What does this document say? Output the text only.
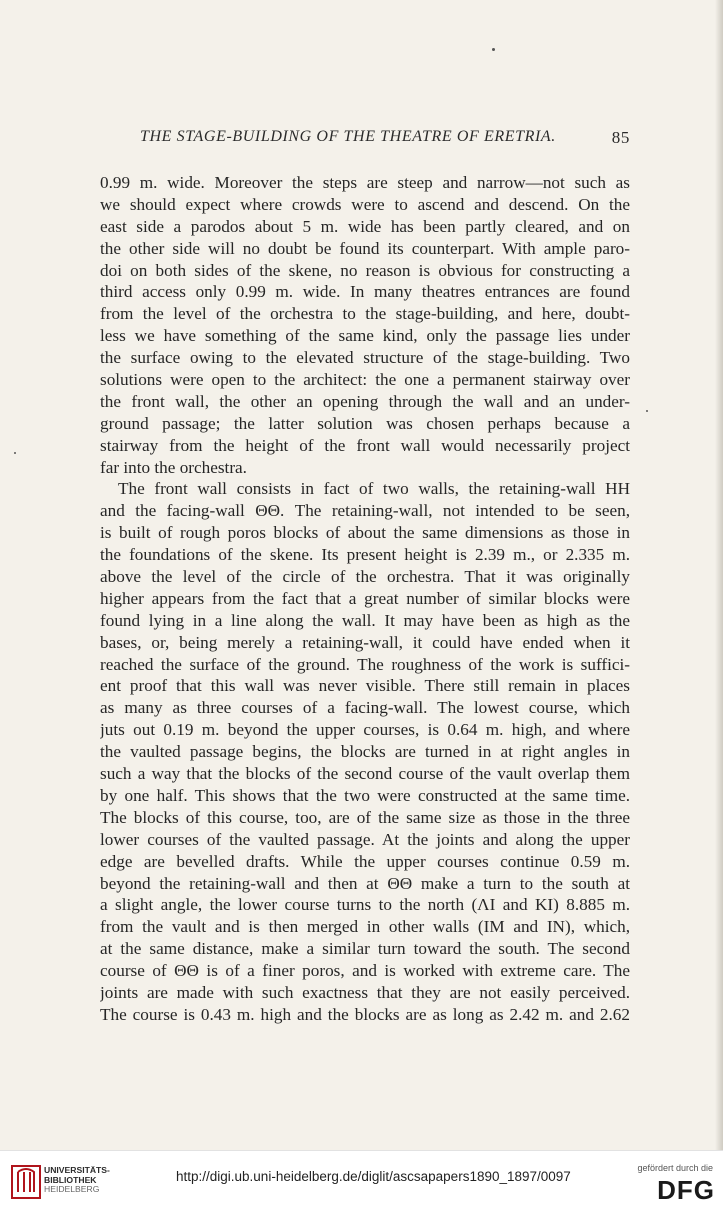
THE STAGE-BUILDING OF THE THEATRE OF ERETRIA.	85
0.99 m. wide. Moreover the steps are steep and narrow—not such as
we should expect where crowds were to ascend and descend. On the
east side a parodos about 5 m. wide has been partly cleared, and on
the other side will no doubt be found its counterpart. With ample paro-
doi on both sides of the skene, no reason is obvious for constructing a
third access only 0.99 m. wide. In many theatres entrances are found
from the level of the orchestra to the stage-building, and here, doubt-
less we have something of the same kind, only the passage lies under
the surface owing to the elevated structure of the stage-building. Two
solutions were open to the architect: the one a permanent stairway over
the front wall, the other an opening through the wall and an under-
ground passage; the latter solution was chosen perhaps because a
stairway from the height of the front wall would necessarily project
far into the orchestra.
The front wall consists in fact of two walls, the retaining-wall HH
and the facing-wall ΘΘ. The retaining-wall, not intended to be seen,
is built of rough poros blocks of about the same dimensions as those in
the foundations of the skene. Its present height is 2.39 m., or 2.335 m.
above the level of the circle of the orchestra. That it was originally
higher appears from the fact that a great number of similar blocks were
found lying in a line along the wall. It may have been as high as the
bases, or, being merely a retaining-wall, it could have ended when it
reached the surface of the ground. The roughness of the work is suffici-
ent proof that this wall was never visible. There still remain in places
as many as three courses of a facing-wall. The lowest course, which
juts out 0.19 m. beyond the upper courses, is 0.64 m. high, and where
the vaulted passage begins, the blocks are turned in at right angles in
such a way that the blocks of the second course of the vault overlap them
by one half. This shows that the two were constructed at the same time.
The blocks of this course, too, are of the same size as those in the three
lower courses of the vaulted passage. At the joints and along the upper
edge are bevelled drafts. While the upper courses continue 0.59 m.
beyond the retaining-wall and then at ΘΘ make a turn to the south at
a slight angle, the lower course turns to the north (ΛΙ and ΚΙ) 8.885 m.
from the vault and is then merged in other walls (ΙΜ and ΙΝ), which,
at the same distance, make a similar turn toward the south. The second
course of ΘΘ is of a finer poros, and is worked with extreme care. The
joints are made with such exactness that they are not easily perceived.
The course is 0.43 m. high and the blocks are as long as 2.42 m. and 2.62
UNIVERSITÄTS-
BIBLIOTHEK
HEIDELBERG
http://digi.ub.uni-heidelberg.de/diglit/ascsapapers1890_1897/0097
gefördert durch die
DFG
